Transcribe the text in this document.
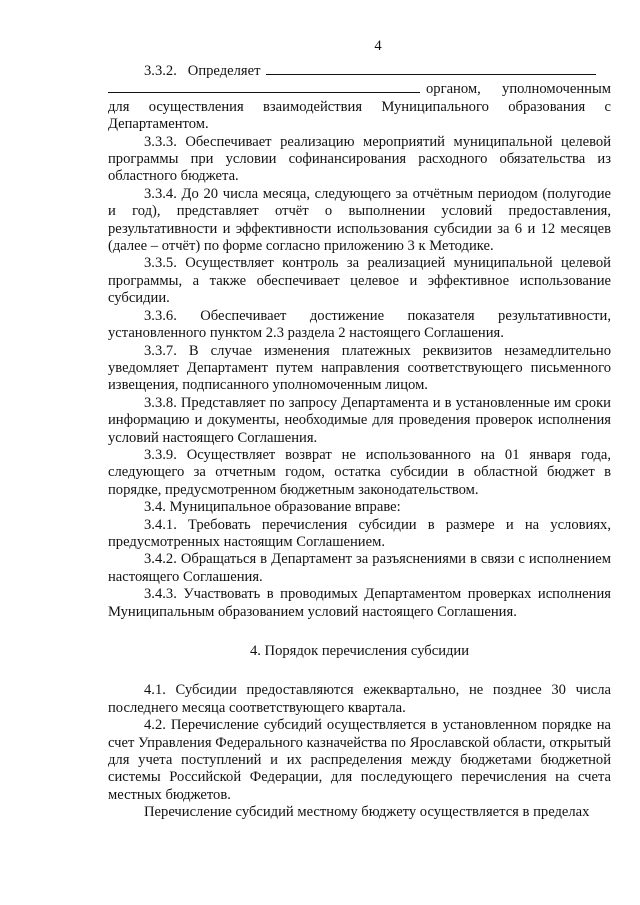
4

3.3.2.   Определяет
органом, уполномоченным для осуществления взаимодействия Муниципального образования с Департаментом.

3.3.3. Обеспечивает реализацию мероприятий муниципальной целевой программы при условии софинансирования расходного обязательства из областного бюджета.

3.3.4. До 20 числа месяца, следующего за отчётным периодом (полугодие и год), представляет отчёт о выполнении условий предоставления, результативности и эффективности использования субсидии за 6 и 12 месяцев (далее – отчёт) по форме согласно приложению 3 к Методике.

3.3.5. Осуществляет контроль за реализацией муниципальной целевой программы, а также обеспечивает целевое и эффективное использование субсидии.

3.3.6. Обеспечивает достижение показателя результативности, установленного пунктом 2.3 раздела 2 настоящего Соглашения.

3.3.7. В случае изменения платежных реквизитов незамедлительно уведомляет Департамент путем направления соответствующего письменного извещения, подписанного уполномоченным лицом.

3.3.8. Представляет по запросу Департамента и в установленные им сроки информацию и документы, необходимые для проведения проверок исполнения условий настоящего Соглашения.

3.3.9. Осуществляет возврат не использованного на 01 января года, следующего за отчетным годом, остатка субсидии в областной бюджет в порядке, предусмотренном бюджетным законодательством.

3.4. Муниципальное образование вправе:

3.4.1. Требовать перечисления субсидии в размере и на условиях, предусмотренных настоящим Соглашением.

3.4.2. Обращаться в Департамент за разъяснениями в связи с исполнением настоящего Соглашения.

3.4.3. Участвовать в проводимых Департаментом проверках исполнения Муниципальным образованием условий настоящего Соглашения.

4. Порядок перечисления субсидии

4.1. Субсидии предоставляются ежеквартально, не позднее 30 числа последнего месяца соответствующего квартала.

4.2. Перечисление субсидий осуществляется в установленном порядке на счет Управления Федерального казначейства по Ярославской области, открытый для учета поступлений и их распределения между бюджетами бюджетной системы Российской Федерации, для последующего перечисления на счета местных бюджетов.

Перечисление субсидий местному бюджету осуществляется в пределах
